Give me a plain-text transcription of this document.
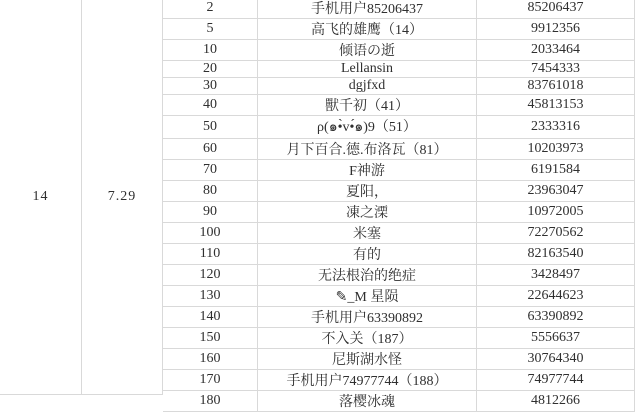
14	7.29
2	手机用户85206437	85206437
5	高飞的雄鹰（14）	9912356
10	倾语の逝	2033464
20	Lellansin	7454333
30	dgjfxd	83761018
40	獸千初（41）	45813153
50	ρ(๑•̀v•́๑)9（51）	2333316
60	月下百合.德.布洛瓦（81）	10203973
70	F神游	6191584
80	夏阳，	23963047
90	凍之溧	10972005
100	米塞	72270562
110	有的	82163540
120	无法根治的绝症	3428497
130	✎_M 星陨	22644623
140	手机用户63390892	63390892
150	不入关（187）	5556637
160	尼斯湖水怪	30764340
170	手机用户74977744（188）	74977744
180	落樱冰魂	4812266
